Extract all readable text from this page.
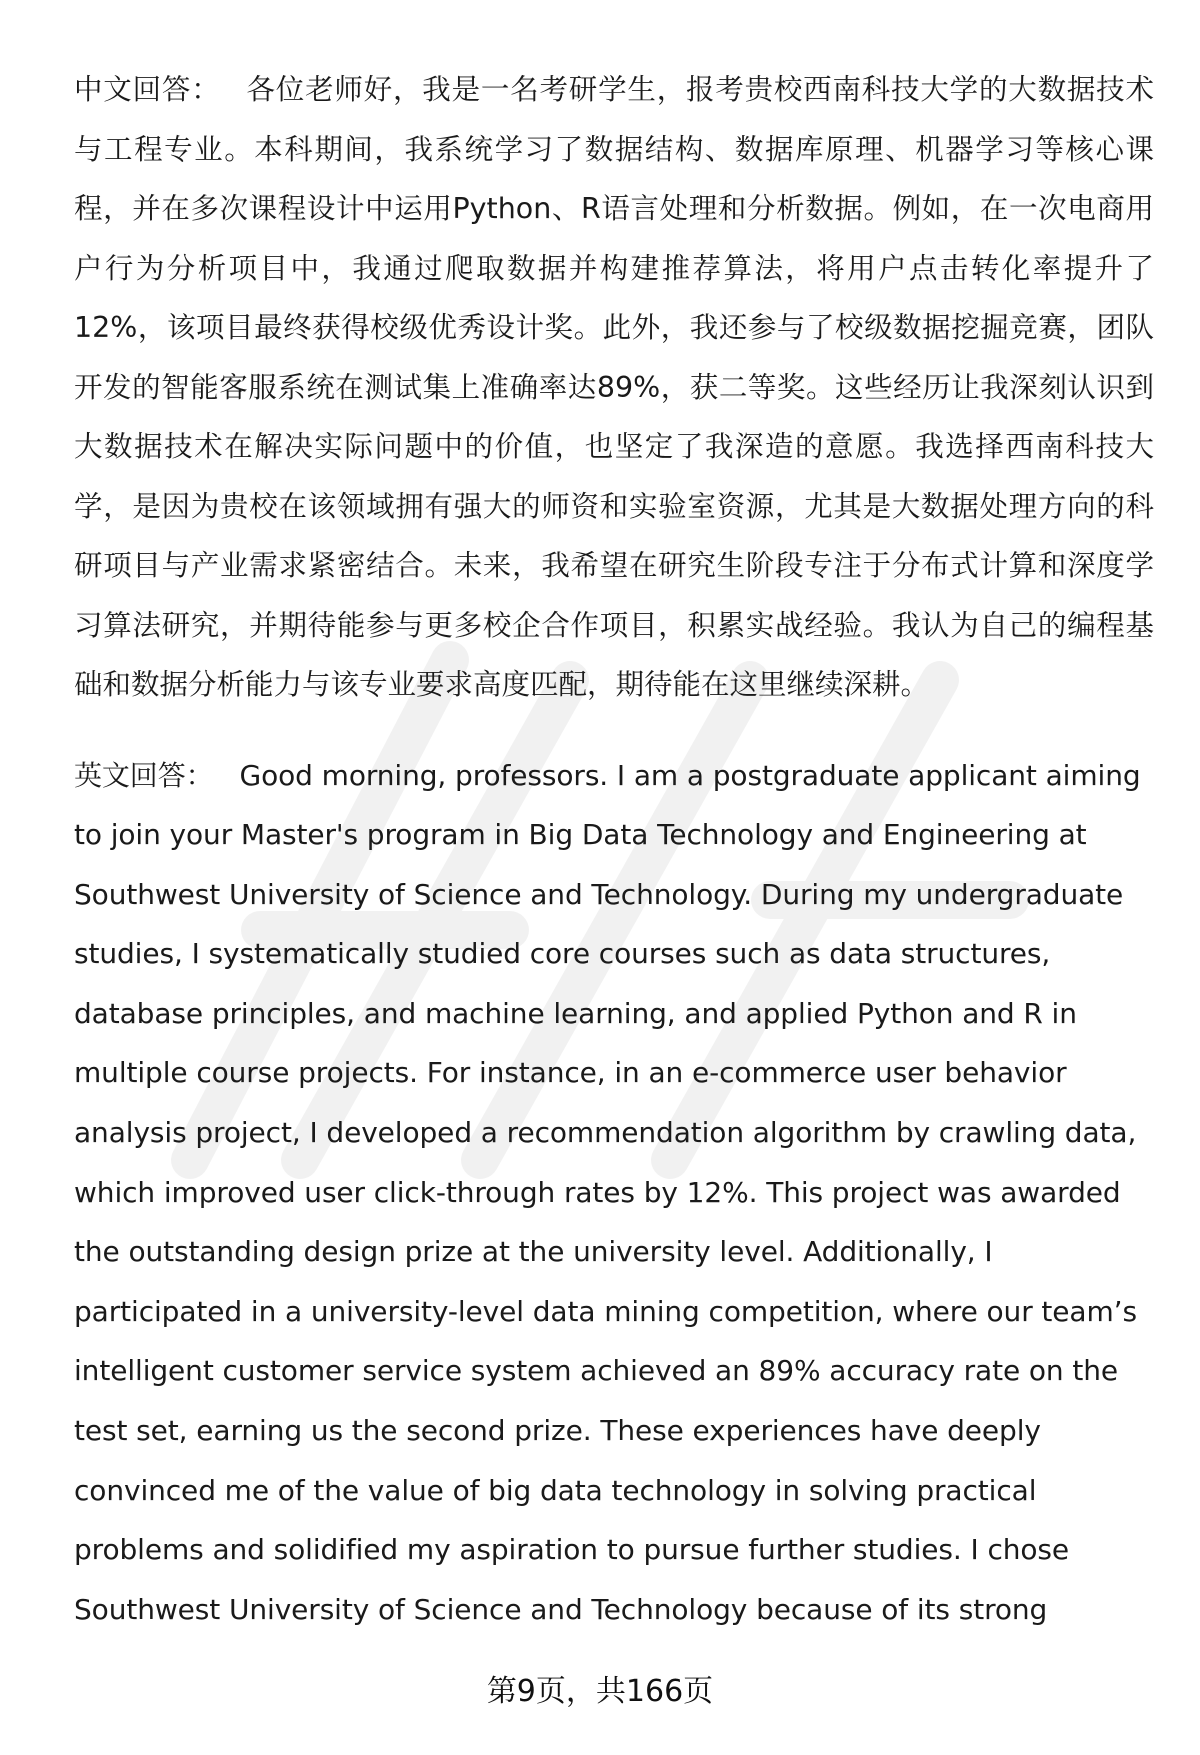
中文回答： 各位老师好，我是一名考研学生，报考贵校西南科技大学的大数据技术与工程专业。本科期间，我系统学习了数据结构、数据库原理、机器学习等核心课程，并在多次课程设计中运用Python、R语言处理和分析数据。例如，在一次电商用户行为分析项目中，我通过爬取数据并构建推荐算法，将用户点击转化率提升了12%，该项目最终获得校级优秀设计奖。此外，我还参与了校级数据挖掘竞赛，团队开发的智能客服系统在测试集上准确率达89%，获二等奖。这些经历让我深刻认识到大数据技术在解决实际问题中的价值，也坚定了我深造的意愿。我选择西南科技大学，是因为贵校在该领域拥有强大的师资和实验室资源，尤其是大数据处理方向的科研项目与产业需求紧密结合。未来，我希望在研究生阶段专注于分布式计算和深度学习算法研究，并期待能参与更多校企合作项目，积累实战经验。我认为自己的编程基础和数据分析能力与该专业要求高度匹配，期待能在这里继续深耕。

英文回答： Good morning, professors. I am a postgraduate applicant aiming to join your Master's program in Big Data Technology and Engineering at Southwest University of Science and Technology. During my undergraduate studies, I systematically studied core courses such as data structures, database principles, and machine learning, and applied Python and R in multiple course projects. For instance, in an e-commerce user behavior analysis project, I developed a recommendation algorithm by crawling data, which improved user click-through rates by 12%. This project was awarded the outstanding design prize at the university level. Additionally, I participated in a university-level data mining competition, where our team’s intelligent customer service system achieved an 89% accuracy rate on the test set, earning us the second prize. These experiences have deeply convinced me of the value of big data technology in solving practical problems and solidified my aspiration to pursue further studies. I chose Southwest University of Science and Technology because of its strong

第9页，共166页
